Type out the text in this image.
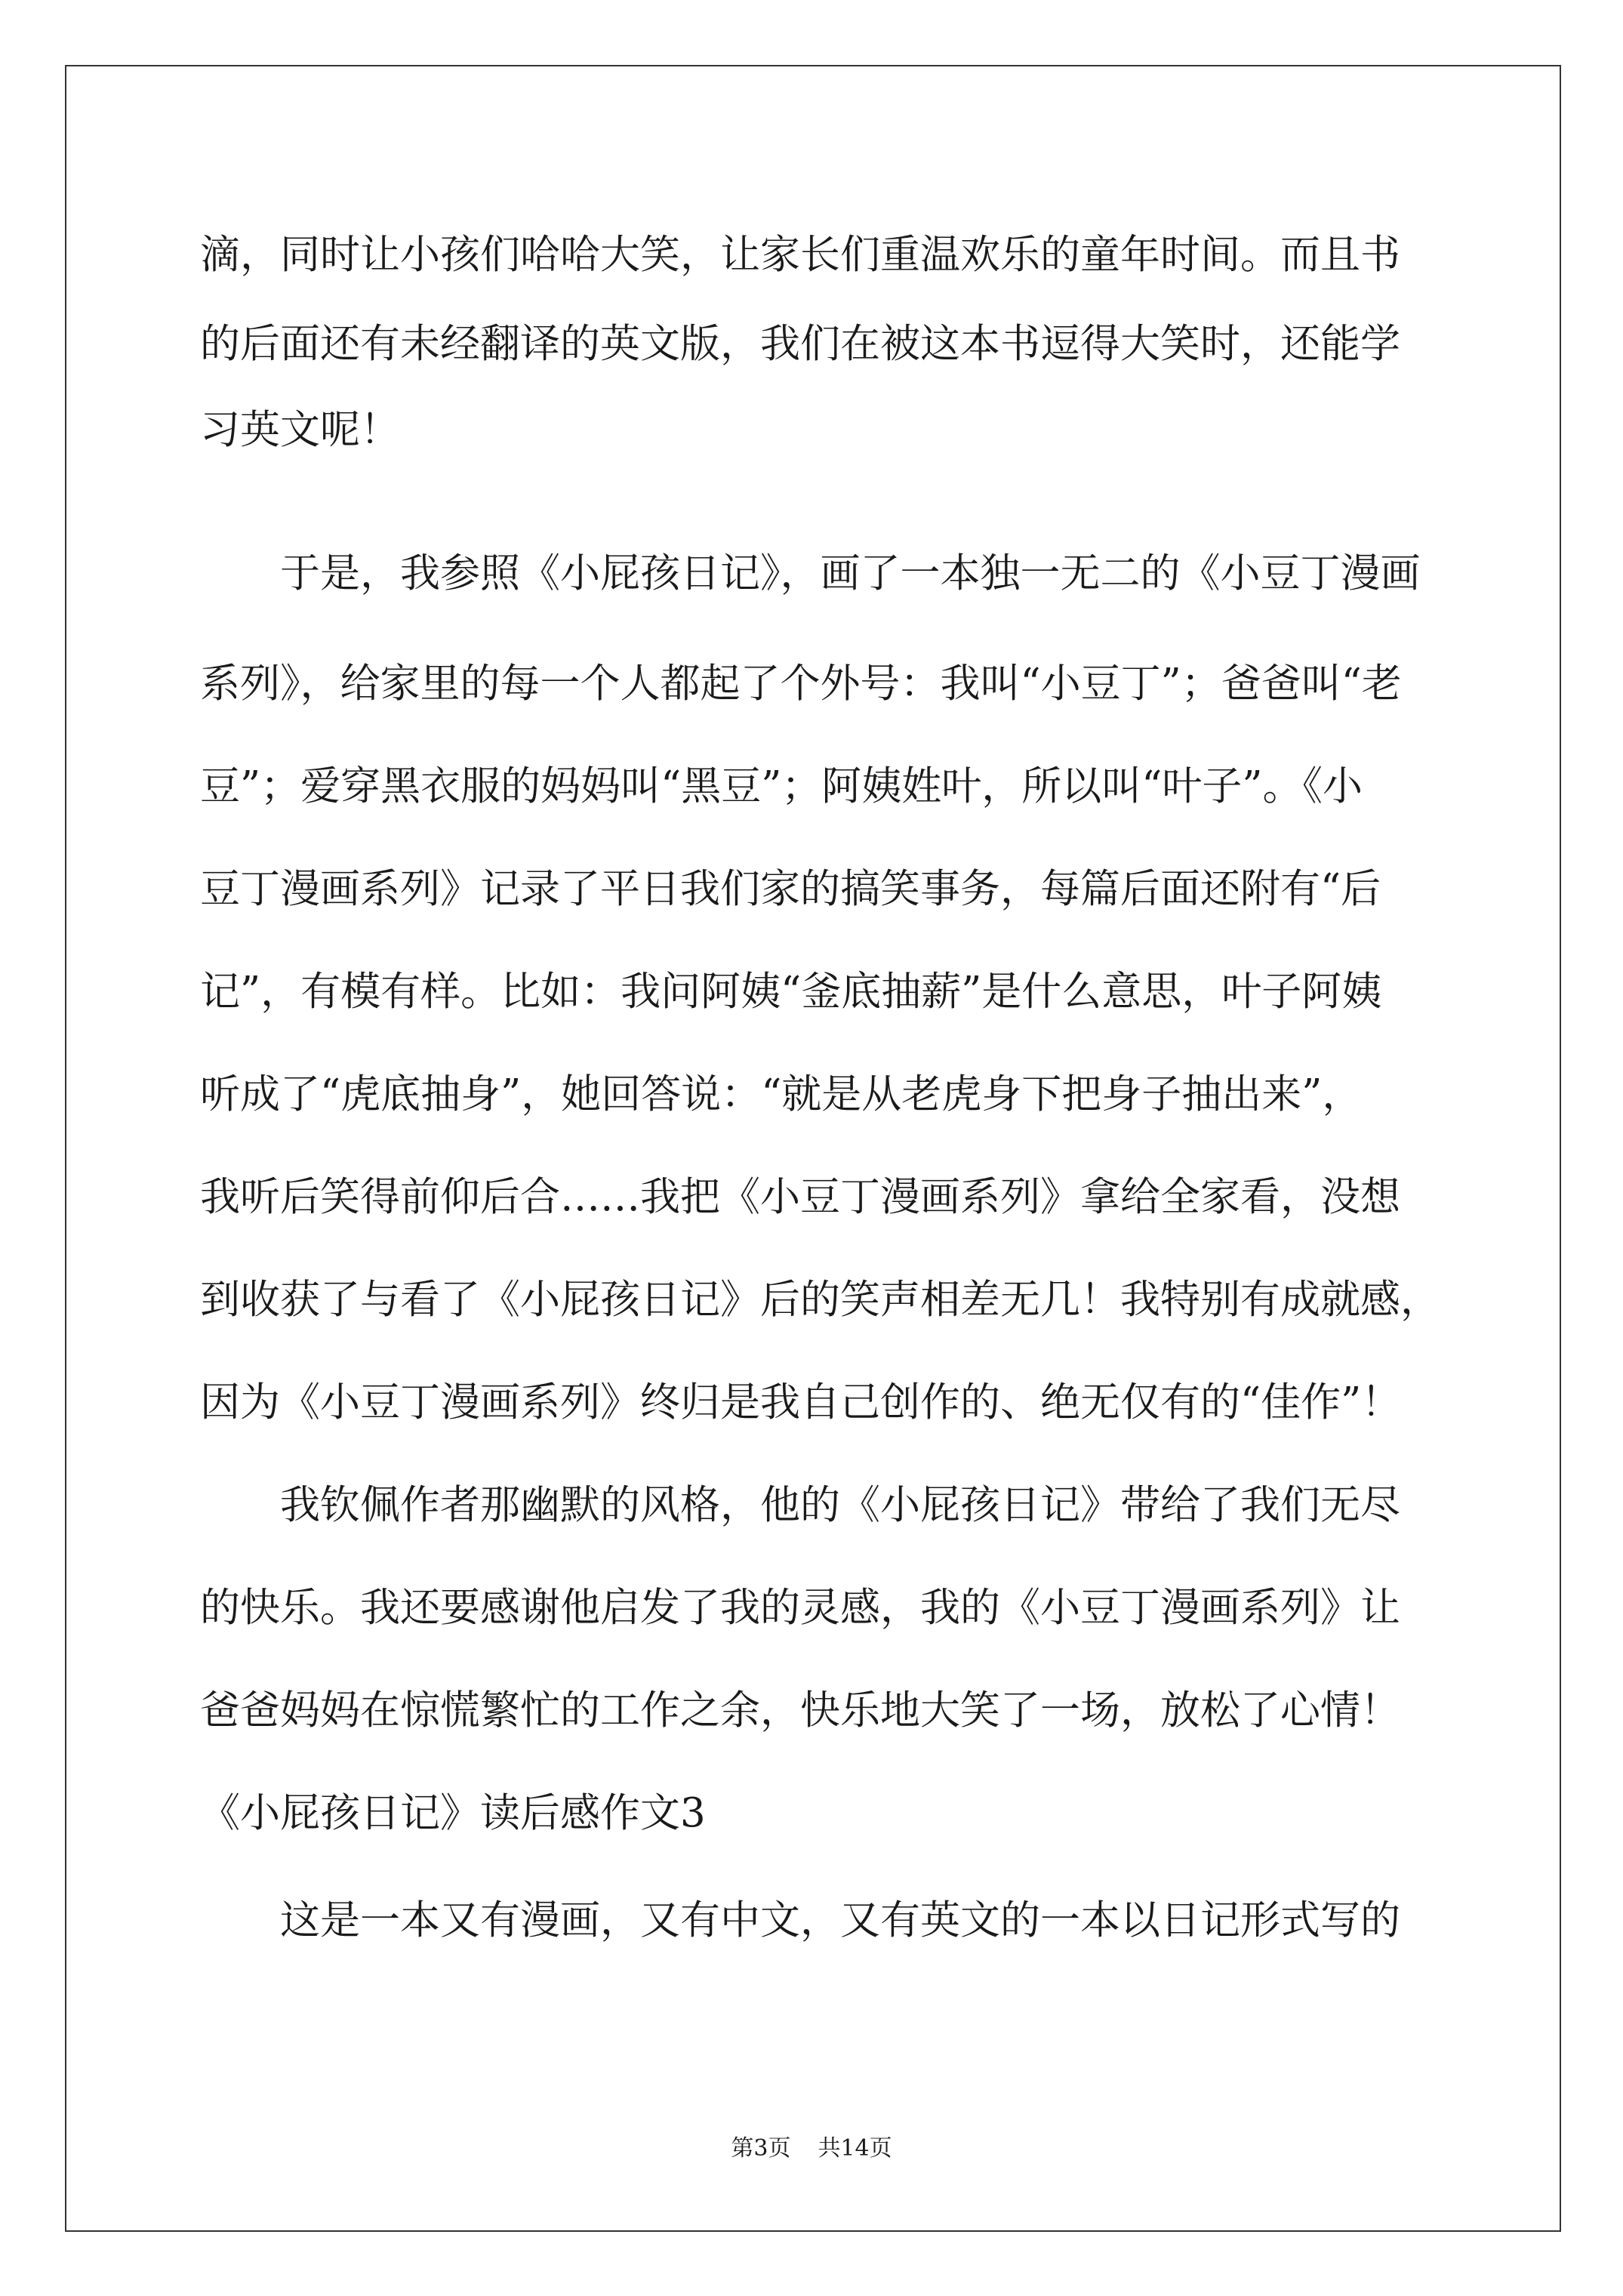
滴，同时让小孩们哈哈大笑，让家长们重温欢乐的童年时间。而且书
的后面还有未经翻译的英文版，我们在被这本书逗得大笑时，还能学
习英文呢！
于是，我参照《小屁孩日记》，画了一本独一无二的《小豆丁漫画
系列》，给家里的每一个人都起了个外号：我叫“小豆丁”；爸爸叫“老
豆”；爱穿黑衣服的妈妈叫“黑豆”；阿姨姓叶，所以叫“叶子”。《小
豆丁漫画系列》记录了平日我们家的搞笑事务，每篇后面还附有“后
记”，有模有样。比如：我问阿姨“釜底抽薪”是什么意思，叶子阿姨
听成了“虎底抽身”，她回答说：“就是从老虎身下把身子抽出来”，
我听后笑得前仰后合……我把《小豆丁漫画系列》拿给全家看，没想
到收获了与看了《小屁孩日记》后的笑声相差无几！我特别有成就感，
因为《小豆丁漫画系列》终归是我自己创作的、绝无仅有的“佳作”！
我钦佩作者那幽默的风格，他的《小屁孩日记》带给了我们无尽
的快乐。我还要感谢他启发了我的灵感，我的《小豆丁漫画系列》让
爸爸妈妈在惊慌繁忙的工作之余，快乐地大笑了一场，放松了心情！
《小屁孩日记》读后感作文3
这是一本又有漫画，又有中文，又有英文的一本以日记形式写的
第3页 共14页
